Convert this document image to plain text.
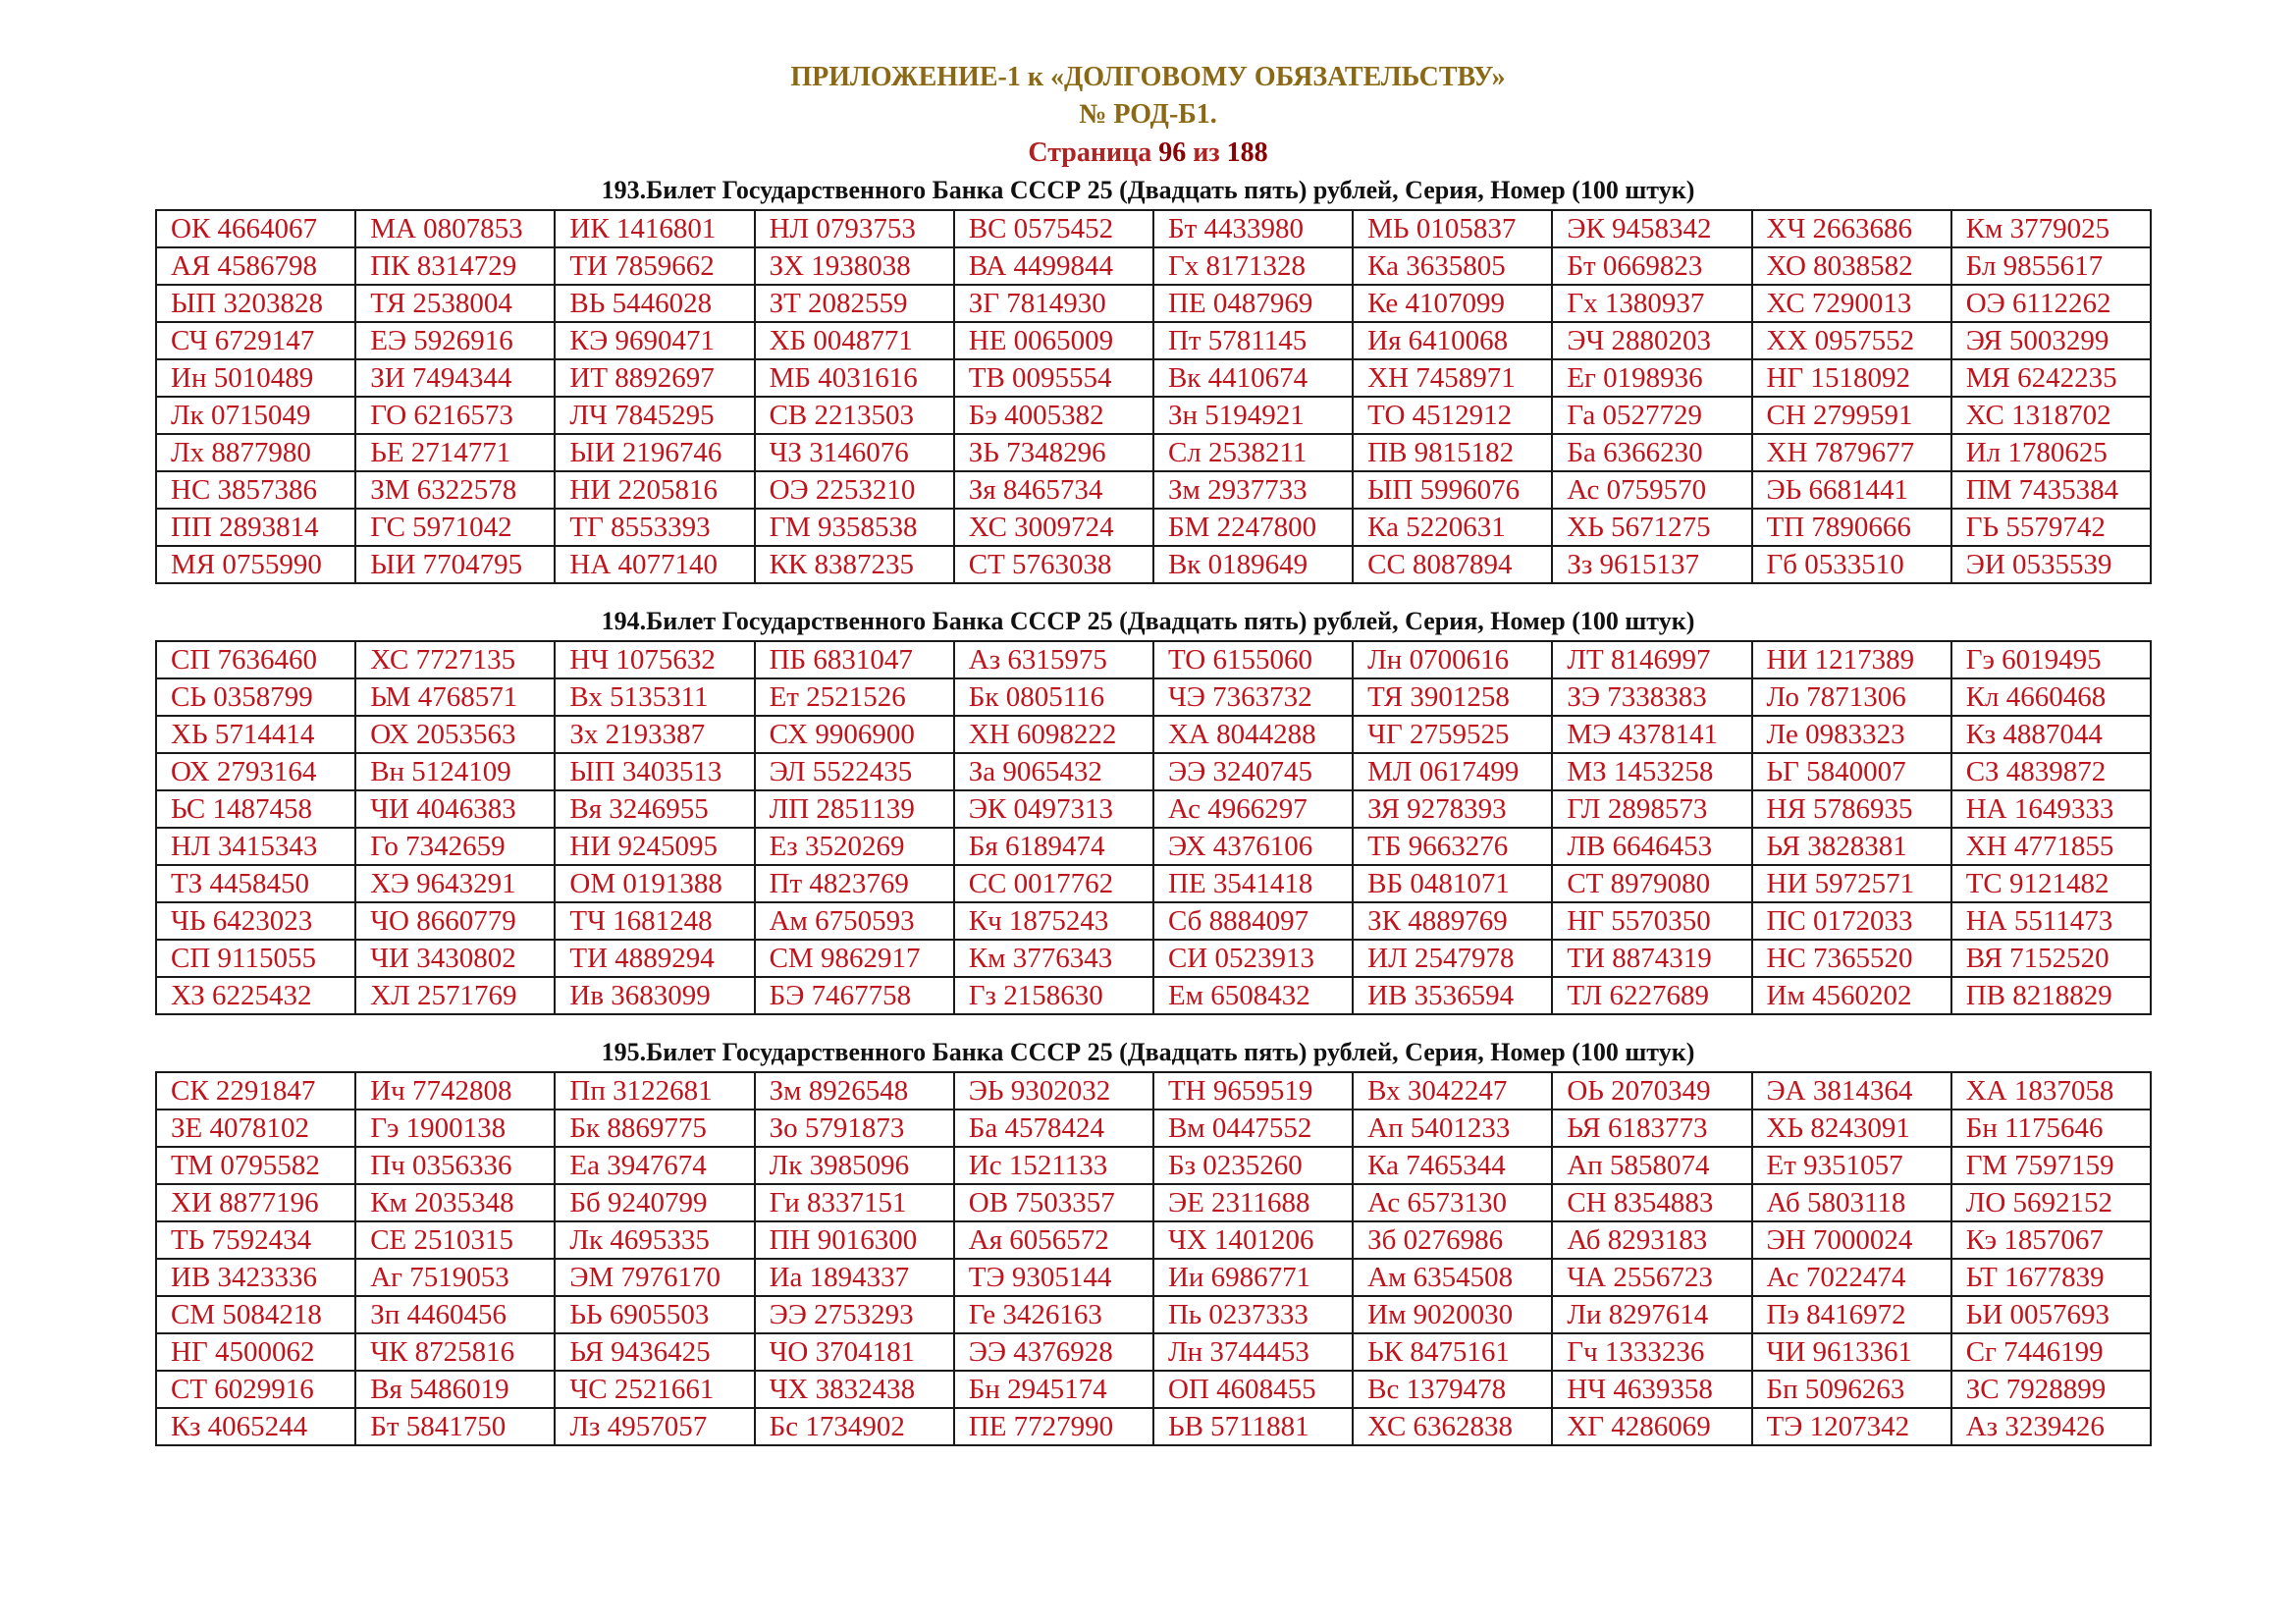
ПРИЛОЖЕНИЕ-1 к «ДОЛГОВОМУ ОБЯЗАТЕЛЬСТВУ»
№ РОД-Б1.
Страница 96 из 188
193.Билет Государственного Банка СССР 25 (Двадцать пять) рублей, Серия, Номер (100 штук)
ОК 4664067	МА 0807853	ИК 1416801	НЛ 0793753	ВС 0575452	Бт 4433980	МЬ 0105837	ЭК 9458342	ХЧ 2663686	Км 3779025
АЯ 4586798	ПК 8314729	ТИ 7859662	ЗХ 1938038	ВА 4499844	Гх 8171328	Ка 3635805	Бт 0669823	ХО 8038582	Бл 9855617
ЫП 3203828	ТЯ 2538004	ВЬ 5446028	ЗТ 2082559	ЗГ 7814930	ПЕ 0487969	Ке 4107099	Гх 1380937	ХС 7290013	ОЭ 6112262
СЧ 6729147	ЕЭ 5926916	КЭ 9690471	ХБ 0048771	НЕ 0065009	Пт 5781145	Ия 6410068	ЭЧ 2880203	ХХ 0957552	ЭЯ 5003299
Ин 5010489	ЗИ 7494344	ИТ 8892697	МБ 4031616	ТВ 0095554	Вк 4410674	ХН 7458971	Ег 0198936	НГ 1518092	МЯ 6242235
Лк 0715049	ГО 6216573	ЛЧ 7845295	СВ 2213503	Бэ 4005382	Зн 5194921	ТО 4512912	Га 0527729	СН 2799591	ХС 1318702
Лх 8877980	ЬЕ 2714771	ЫИ 2196746	ЧЗ 3146076	ЗЬ 7348296	Сл 2538211	ПВ 9815182	Ба 6366230	ХН 7879677	Ил 1780625
НС 3857386	ЗМ 6322578	НИ 2205816	ОЭ 2253210	Зя 8465734	Зм 2937733	ЫП 5996076	Ас 0759570	ЭЬ 6681441	ПМ 7435384
ПП 2893814	ГС 5971042	ТГ 8553393	ГМ 9358538	ХС 3009724	БМ 2247800	Ка 5220631	ХЬ 5671275	ТП 7890666	ГЬ 5579742
МЯ 0755990	ЫИ 7704795	НА 4077140	КК 8387235	СТ 5763038	Вк 0189649	СС 8087894	Зз 9615137	Гб 0533510	ЭИ 0535539
194.Билет Государственного Банка СССР 25 (Двадцать пять) рублей, Серия, Номер (100 штук)
СП 7636460	ХС 7727135	НЧ 1075632	ПБ 6831047	Аз 6315975	ТО 6155060	Лн 0700616	ЛТ 8146997	НИ 1217389	Гэ 6019495
СЬ 0358799	ЬМ 4768571	Вх 5135311	Ет 2521526	Бк 0805116	ЧЭ 7363732	ТЯ 3901258	ЗЭ 7338383	Ло 7871306	Кл 4660468
ХЬ 5714414	ОХ 2053563	Зх 2193387	СХ 9906900	ХН 6098222	ХА 8044288	ЧГ 2759525	МЭ 4378141	Ле 0983323	Кз 4887044
ОХ 2793164	Вн 5124109	ЫП 3403513	ЭЛ 5522435	За 9065432	ЭЭ 3240745	МЛ 0617499	МЗ 1453258	ЬГ 5840007	СЗ 4839872
ЬС 1487458	ЧИ 4046383	Вя 3246955	ЛП 2851139	ЭК 0497313	Ас 4966297	ЗЯ 9278393	ГЛ 2898573	НЯ 5786935	НА 1649333
НЛ 3415343	Го 7342659	НИ 9245095	Ез 3520269	Бя 6189474	ЭХ 4376106	ТБ 9663276	ЛВ 6646453	ЬЯ 3828381	ХН 4771855
ТЗ 4458450	ХЭ 9643291	ОМ 0191388	Пт 4823769	СС 0017762	ПЕ 3541418	ВБ 0481071	СТ 8979080	НИ 5972571	ТС 9121482
ЧЬ 6423023	ЧО 8660779	ТЧ 1681248	Ам 6750593	Кч 1875243	Сб 8884097	ЗК 4889769	НГ 5570350	ПС 0172033	НА 5511473
СП 9115055	ЧИ 3430802	ТИ 4889294	СМ 9862917	Км 3776343	СИ 0523913	ИЛ 2547978	ТИ 8874319	НС 7365520	ВЯ 7152520
ХЗ 6225432	ХЛ 2571769	Ив 3683099	БЭ 7467758	Гз 2158630	Ем 6508432	ИВ 3536594	ТЛ 6227689	Им 4560202	ПВ 8218829
195.Билет Государственного Банка СССР 25 (Двадцать пять) рублей, Серия, Номер (100 штук)
СК 2291847	Ич 7742808	Пп 3122681	Зм 8926548	ЭЬ 9302032	ТН 9659519	Вх 3042247	ОЬ 2070349	ЭА 3814364	ХА 1837058
ЗЕ 4078102	Гэ 1900138	Бк 8869775	Зо 5791873	Ба 4578424	Вм 0447552	Ап 5401233	ЬЯ 6183773	ХЬ 8243091	Бн 1175646
ТМ 0795582	Пч 0356336	Еа 3947674	Лк 3985096	Ис 1521133	Бз 0235260	Ка 7465344	Ап 5858074	Ет 9351057	ГМ 7597159
ХИ 8877196	Км 2035348	Бб 9240799	Ги 8337151	ОВ 7503357	ЭЕ 2311688	Ас 6573130	СН 8354883	Аб 5803118	ЛО 5692152
ТЬ 7592434	СЕ 2510315	Лк 4695335	ПН 9016300	Ая 6056572	ЧХ 1401206	Зб 0276986	Аб 8293183	ЭН 7000024	Кэ 1857067
ИВ 3423336	Аг 7519053	ЭМ 7976170	Иа 1894337	ТЭ 9305144	Ии 6986771	Ам 6354508	ЧА 2556723	Ас 7022474	ЬТ 1677839
СМ 5084218	Зп 4460456	ЬЬ 6905503	ЭЭ 2753293	Ге 3426163	Пь 0237333	Им 9020030	Ли 8297614	Пэ 8416972	ЬИ 0057693
НГ 4500062	ЧК 8725816	ЬЯ 9436425	ЧО 3704181	ЭЭ 4376928	Лн 3744453	ЬК 8475161	Гч 1333236	ЧИ 9613361	Сг 7446199
СТ 6029916	Вя 5486019	ЧС 2521661	ЧХ 3832438	Бн 2945174	ОП 4608455	Вс 1379478	НЧ 4639358	Бп 5096263	ЗС 7928899
Кз 4065244	Бт 5841750	Лз 4957057	Бс 1734902	ПЕ 7727990	ЬВ 5711881	ХС 6362838	ХГ 4286069	ТЭ 1207342	Аз 3239426
